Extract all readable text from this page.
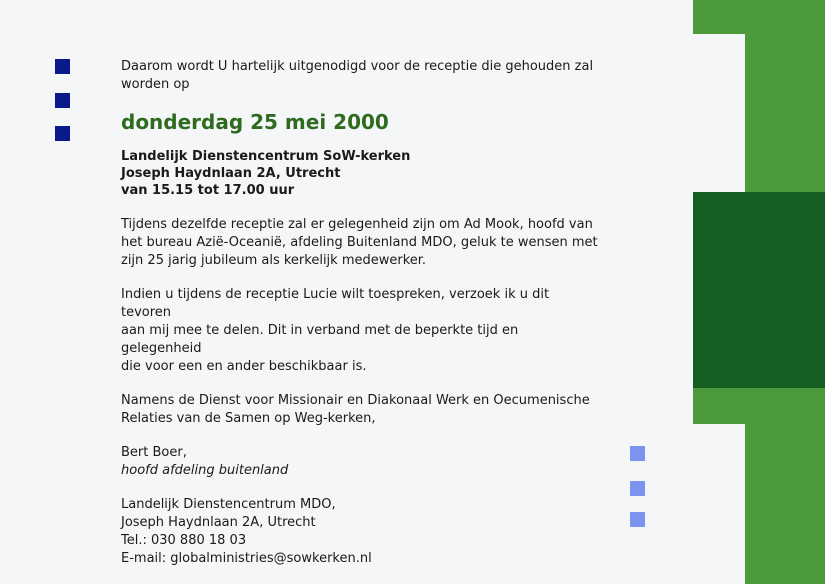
Daarom wordt U hartelijk uitgenodigd voor de receptie die gehouden zal worden op

donderdag 25 mei 2000

Landelijk Dienstencentrum SoW-kerken

Joseph Haydnlaan 2A, Utrecht

van 15.15 tot 17.00 uur

Tijdens dezelfde receptie zal er gelegenheid zijn om Ad Mook, hoofd van

het bureau Azië-Oceanië, afdeling Buitenland MDO, geluk te wensen met

zijn 25 jarig jubileum als kerkelijk medewerker.

Indien u tijdens de receptie Lucie wilt toespreken, verzoek ik u dit tevoren

aan mij mee te delen. Dit in verband met de beperkte tijd en gelegenheid

die voor een en ander beschikbaar is.

Namens de Dienst voor Missionair en Diakonaal Werk en Oecumenische

Relaties van de Samen op Weg-kerken,

Bert Boer,

hoofd afdeling buitenland

Landelijk Dienstencentrum MDO,

Joseph Haydnlaan 2A, Utrecht

Tel.: 030 880 18 03

E-mail: globalministries@sowkerken.nl
